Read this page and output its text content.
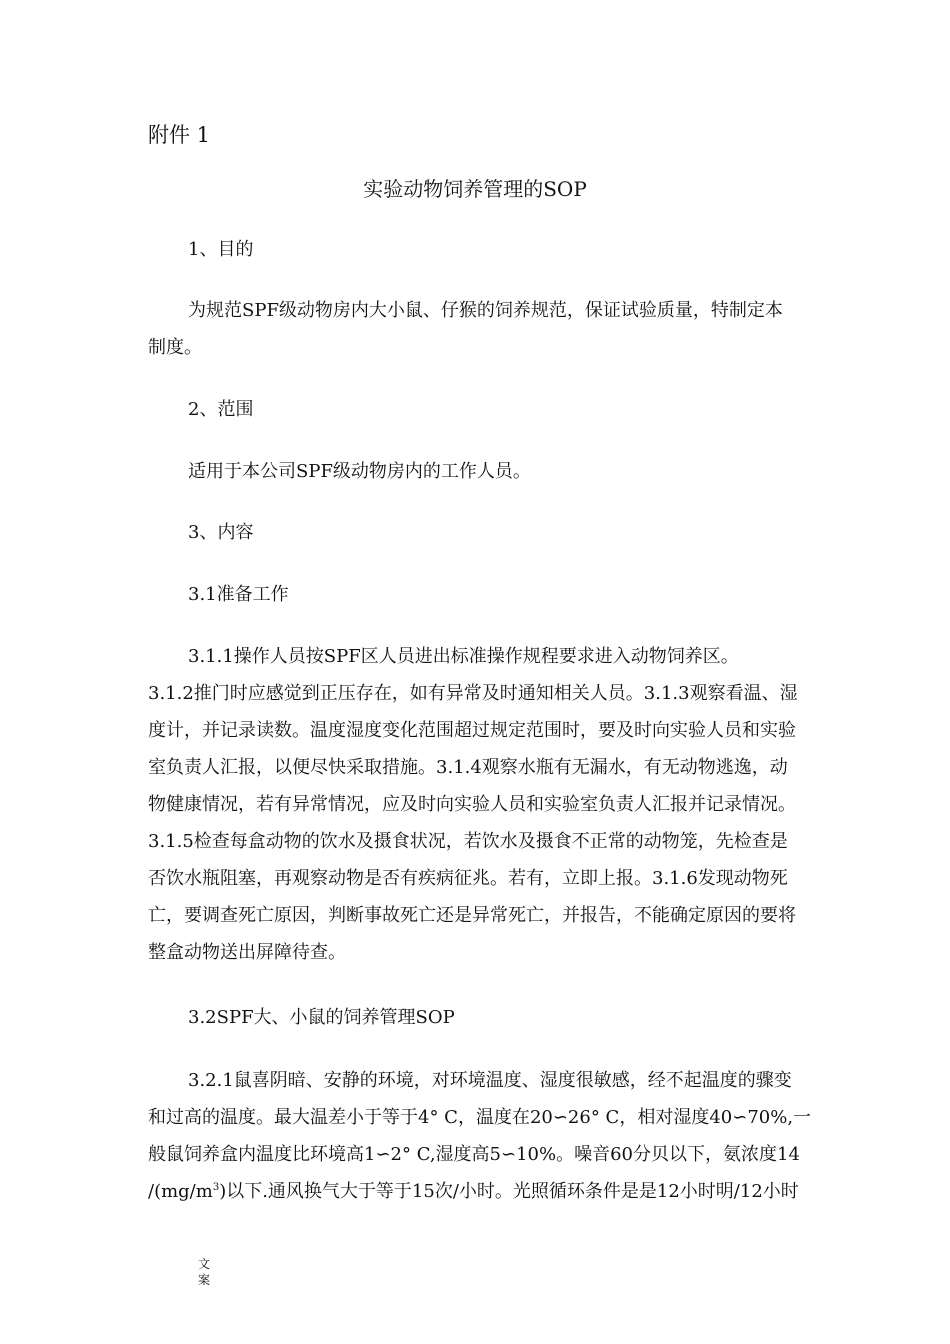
附件 1

实验动物饲养管理的SOP

1、目的

为规范SPF级动物房内大小鼠、仔猴的饲养规范，保证试验质量，特制定本

制度。

2、范围

适用于本公司SPF级动物房内的工作人员。

3、内容

3.1准备工作

3.1.1操作人员按SPF区人员进出标准操作规程要求进入动物饲养区。

3.1.2推门时应感觉到正压存在，如有异常及时通知相关人员。3.1.3观察看温、湿

度计，并记录读数。温度湿度变化范围超过规定范围时，要及时向实验人员和实验

室负责人汇报，以便尽快采取措施。3.1.4观察水瓶有无漏水，有无动物逃逸，动

物健康情况，若有异常情况，应及时向实验人员和实验室负责人汇报并记录情况。

3.1.5检查每盒动物的饮水及摄食状况，若饮水及摄食不正常的动物笼，先检查是

否饮水瓶阻塞，再观察动物是否有疾病征兆。若有，立即上报。3.1.6发现动物死

亡，要调查死亡原因，判断事故死亡还是异常死亡，并报告，不能确定原因的要将

整盒动物送出屏障待查。

3.2SPF大、小鼠的饲养管理SOP

3.2.1鼠喜阴暗、安静的环境，对环境温度、湿度很敏感，经不起温度的骤变

和过高的温度。最大温差小于等于4° C，温度在20∽26° C，相对湿度40∽70%,一

般鼠饲养盒内温度比环境高1∽2° C,湿度高5∽10%。噪音60分贝以下，氨浓度14

$/(mg/m^3)$以下.通风换气大于等于15次/小时。光照循环条件是是12小时明/12小时

文
案
